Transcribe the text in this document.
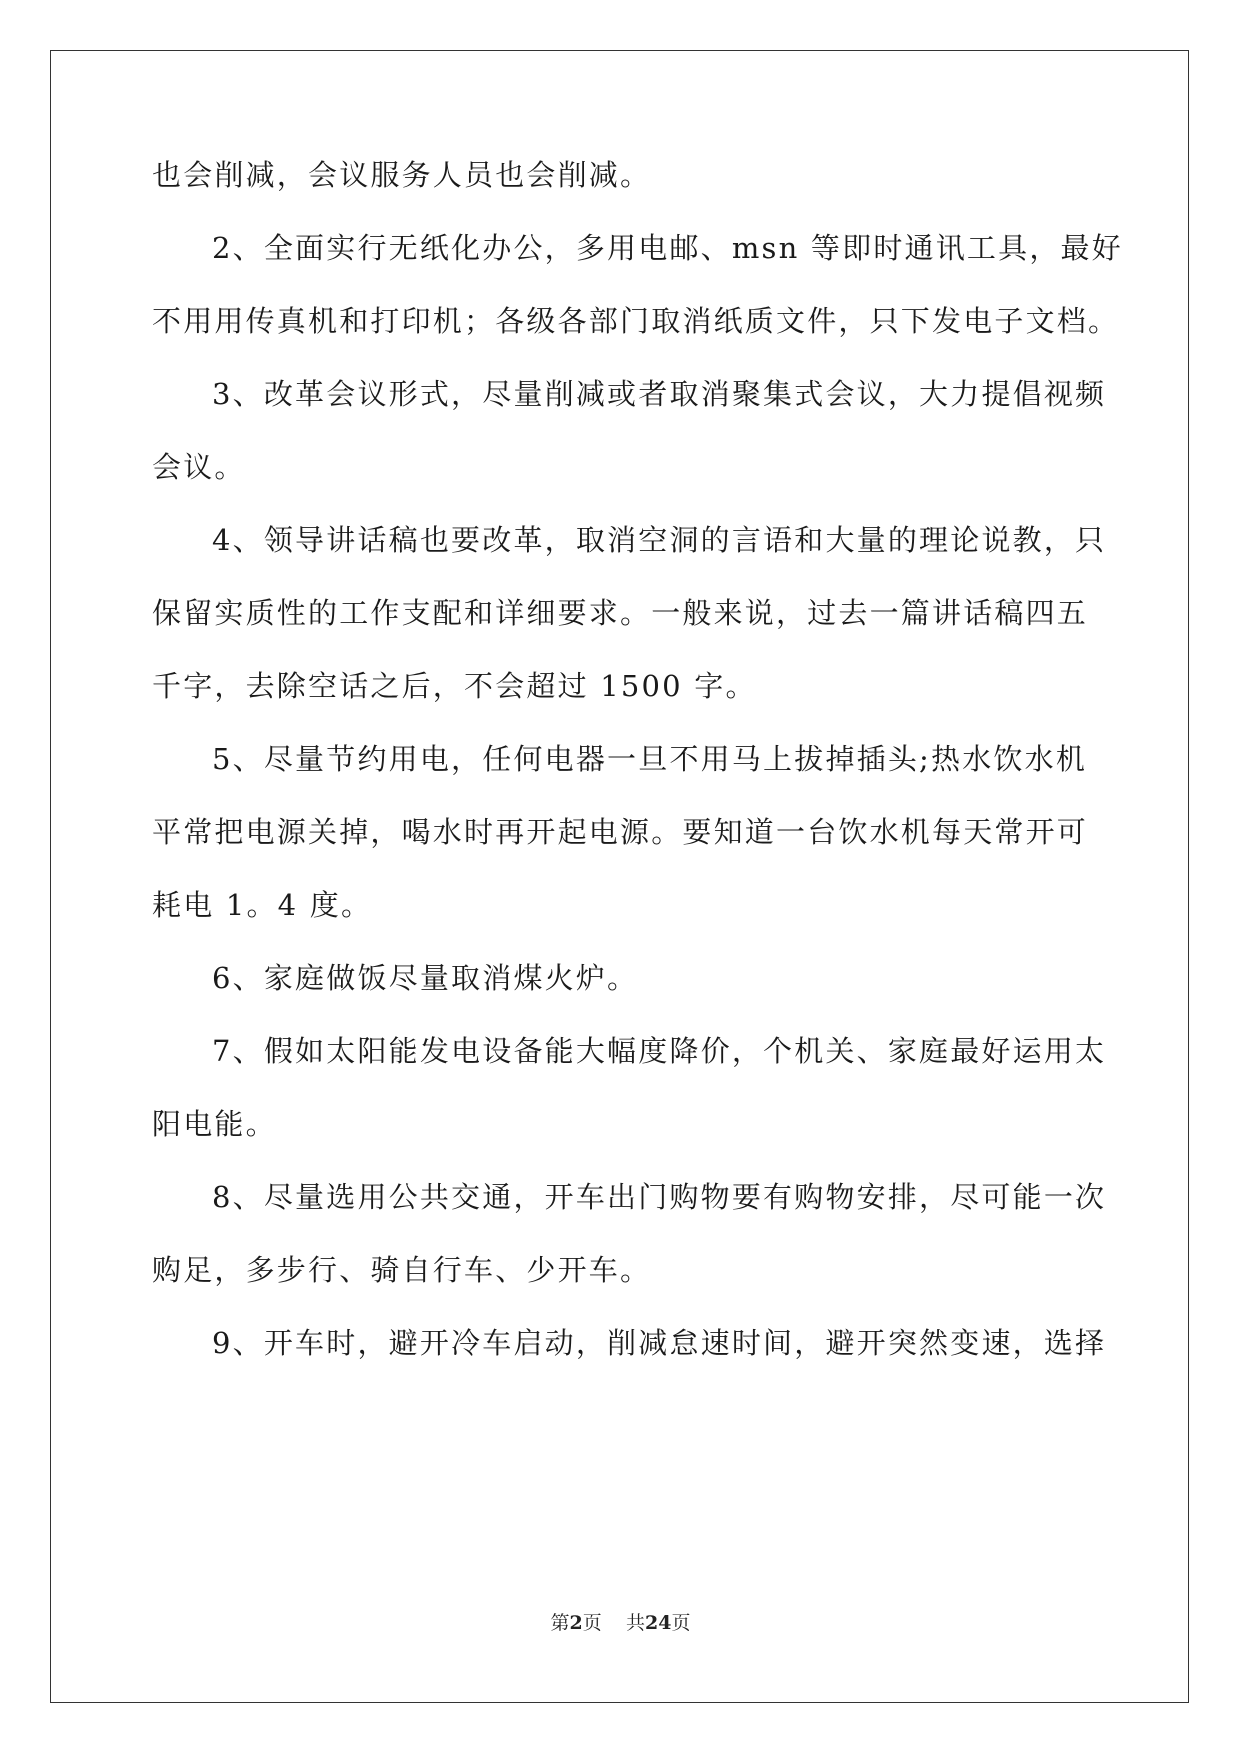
也会削减，会议服务人员也会削减。
2、全面实行无纸化办公，多用电邮、msn 等即时通讯工具，最好
不用用传真机和打印机；各级各部门取消纸质文件，只下发电子文档。
3、改革会议形式，尽量削减或者取消聚集式会议，大力提倡视频
会议。
4、领导讲话稿也要改革，取消空洞的言语和大量的理论说教，只
保留实质性的工作支配和详细要求。一般来说，过去一篇讲话稿四五
千字，去除空话之后，不会超过 1500 字。
5、尽量节约用电，任何电器一旦不用马上拔掉插头;热水饮水机
平常把电源关掉，喝水时再开起电源。要知道一台饮水机每天常开可
耗电 1。4 度。
6、家庭做饭尽量取消煤火炉。
7、假如太阳能发电设备能大幅度降价，个机关、家庭最好运用太
阳电能。
8、尽量选用公共交通，开车出门购物要有购物安排，尽可能一次
购足，多步行、骑自行车、少开车。
9、开车时，避开冷车启动，削减怠速时间，避开突然变速，选择
第2页 共24页
